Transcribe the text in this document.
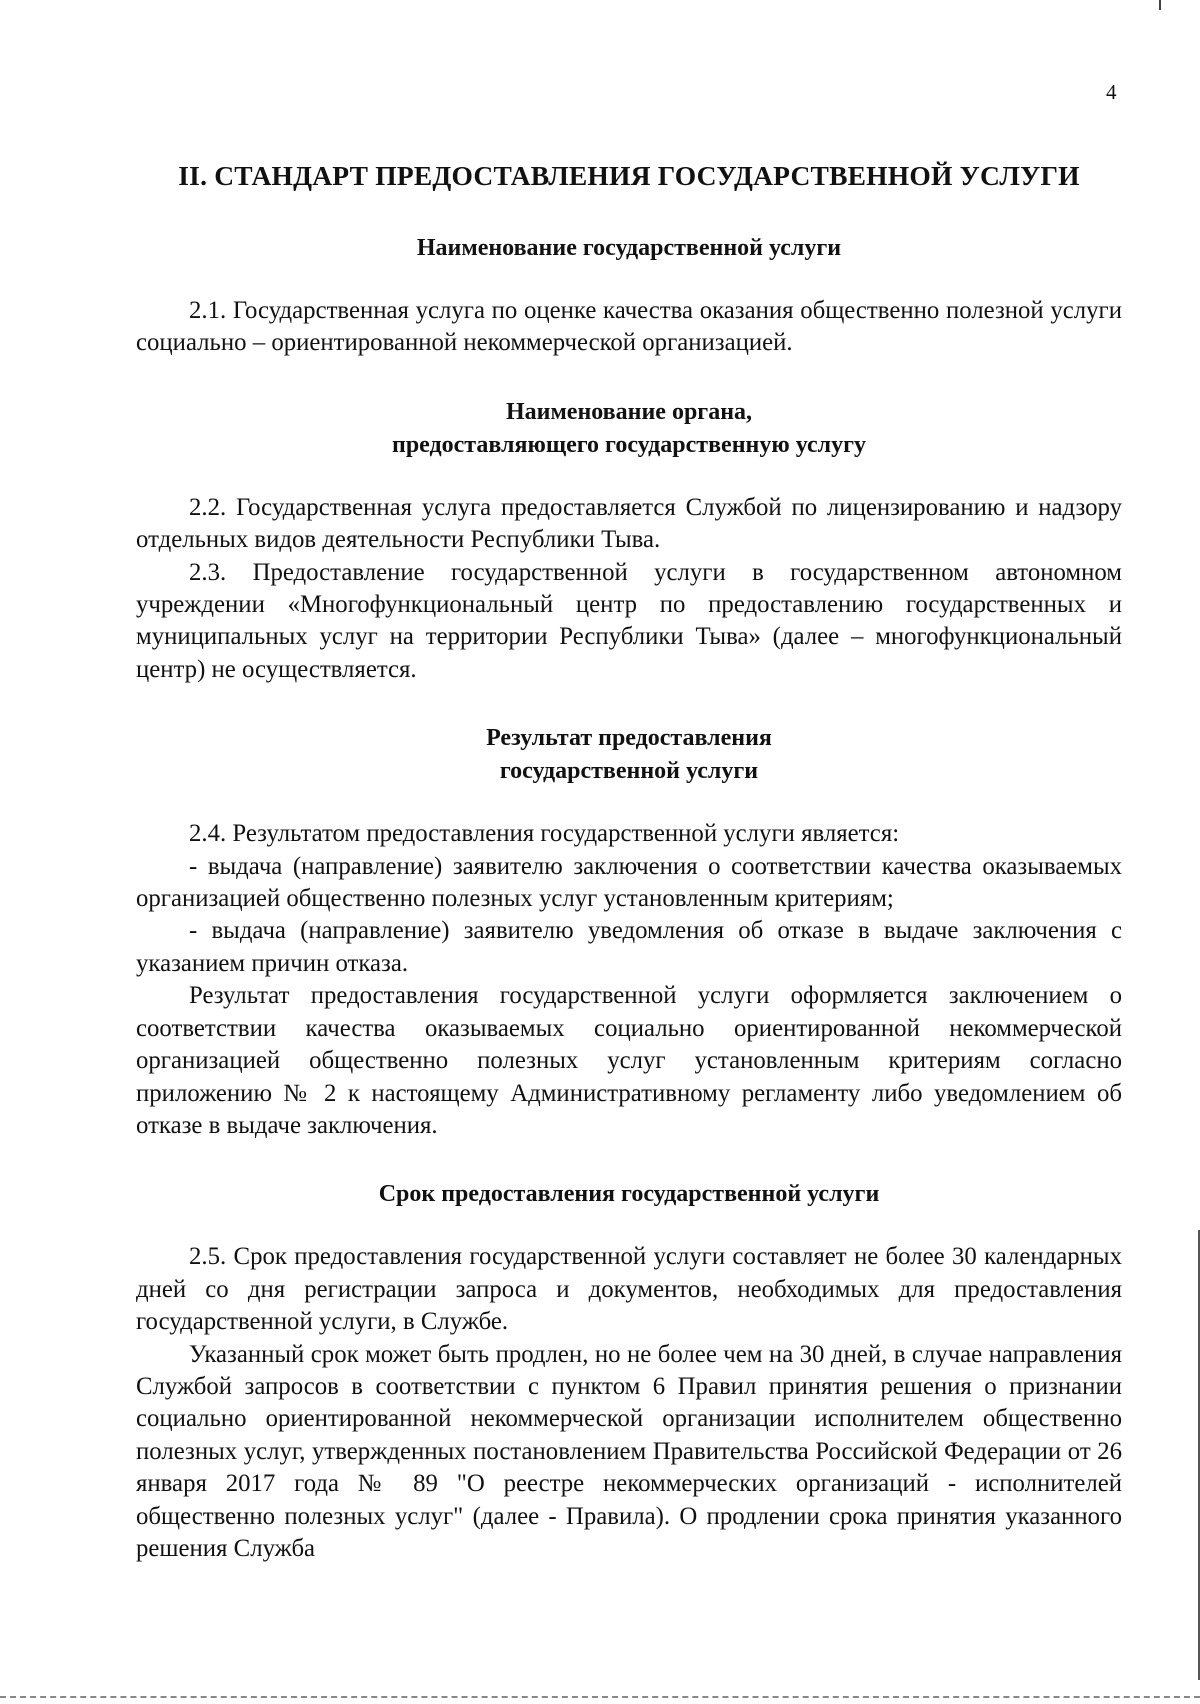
4
II. СТАНДАРТ ПРЕДОСТАВЛЕНИЯ ГОСУДАРСТВЕННОЙ УСЛУГИ

Наименование государственной услуги

2.1. Государственная услуга по оценке качества оказания общественно полезной услуги социально – ориентированной некоммерческой организацией.

Наименование органа,

предоставляющего государственную услугу

2.2. Государственная услуга предоставляется Службой по лицензированию и надзору отдельных видов деятельности Республики Тыва.

2.3. Предоставление государственной услуги в государственном автономном учреждении «Многофункциональный центр по предоставлению государственных и муниципальных услуг на территории Республики Тыва» (далее – многофункциональный центр) не осуществляется.

Результат предоставления

государственной услуги

2.4. Результатом предоставления государственной услуги является:

- выдача (направление) заявителю заключения о соответствии качества оказываемых организацией общественно полезных услуг установленным критериям;

- выдача (направление) заявителю уведомления об отказе в выдаче заключения с указанием причин отказа.

Результат предоставления государственной услуги оформляется заключением о соответствии качества оказываемых социально ориентированной некоммерческой организацией общественно полезных услуг установленным критериям согласно приложению № 2 к настоящему Административному регламенту либо уведомлением об отказе в выдаче заключения.

Срок предоставления государственной услуги

2.5. Срок предоставления государственной услуги составляет не более 30 календарных дней со дня регистрации запроса и документов, необходимых для предоставления государственной услуги, в Службе.

Указанный срок может быть продлен, но не более чем на 30 дней, в случае направления Службой запросов в соответствии с пунктом 6 Правил принятия решения о признании социально ориентированной некоммерческой организации исполнителем общественно полезных услуг, утвержденных постановлением Правительства Российской Федерации от 26 января 2017 года № 89 "О реестре некоммерческих организаций - исполнителей общественно полезных услуг" (далее - Правила). О продлении срока принятия указанного решения Служба
